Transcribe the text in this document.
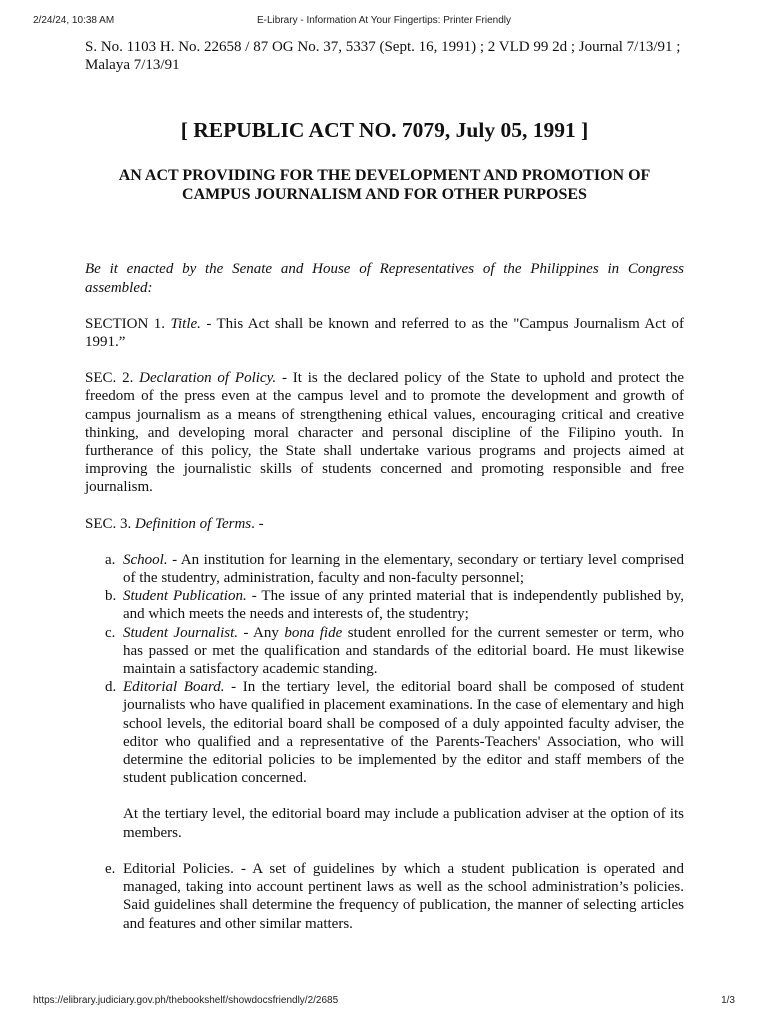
2/24/24, 10:38 AM	E-Library - Information At Your Fingertips: Printer Friendly

S. No. 1103 H. No. 22658 / 87 OG No. 37, 5337 (Sept. 16, 1991) ; 2 VLD 99 2d ; Journal 7/13/91 ; Malaya 7/13/91

[ REPUBLIC ACT NO. 7079, July 05, 1991 ]
AN ACT PROVIDING FOR THE DEVELOPMENT AND PROMOTION OF CAMPUS JOURNALISM AND FOR OTHER PURPOSES

Be it enacted by the Senate and House of Representatives of the Philippines in Congress assembled:

SECTION 1. Title. - This Act shall be known and referred to as the "Campus Journalism Act of 1991.”

SEC. 2. Declaration of Policy. - It is the declared policy of the State to uphold and protect the freedom of the press even at the campus level and to promote the development and growth of campus journalism as a means of strengthening ethical values, encouraging critical and creative thinking, and developing moral character and personal discipline of the Filipino youth. In furtherance of this policy, the State shall undertake various programs and projects aimed at improving the journalistic skills of students concerned and promoting responsible and free journalism.

SEC. 3. Definition of Terms. -

a. School. - An institution for learning in the elementary, secondary or tertiary level comprised of the studentry, administration, faculty and non-faculty personnel;
b. Student Publication. - The issue of any printed material that is independently published by, and which meets the needs and interests of, the studentry;
c. Student Journalist. - Any bona fide student enrolled for the current semester or term, who has passed or met the qualification and standards of the editorial board. He must likewise maintain a satisfactory academic standing.
d. Editorial Board. - In the tertiary level, the editorial board shall be composed of student journalists who have qualified in placement examinations. In the case of elementary and high school levels, the editorial board shall be composed of a duly appointed faculty adviser, the editor who qualified and a representative of the Parents-Teachers' Association, who will determine the editorial policies to be implemented by the editor and staff members of the student publication concerned.

At the tertiary level, the editorial board may include a publication adviser at the option of its members.

e. Editorial Policies. - A set of guidelines by which a student publication is operated and managed, taking into account pertinent laws as well as the school administration’s policies. Said guidelines shall determine the frequency of publication, the manner of selecting articles and features and other similar matters.
https://elibrary.judiciary.gov.ph/thebookshelf/showdocsfriendly/2/2685	1/3
